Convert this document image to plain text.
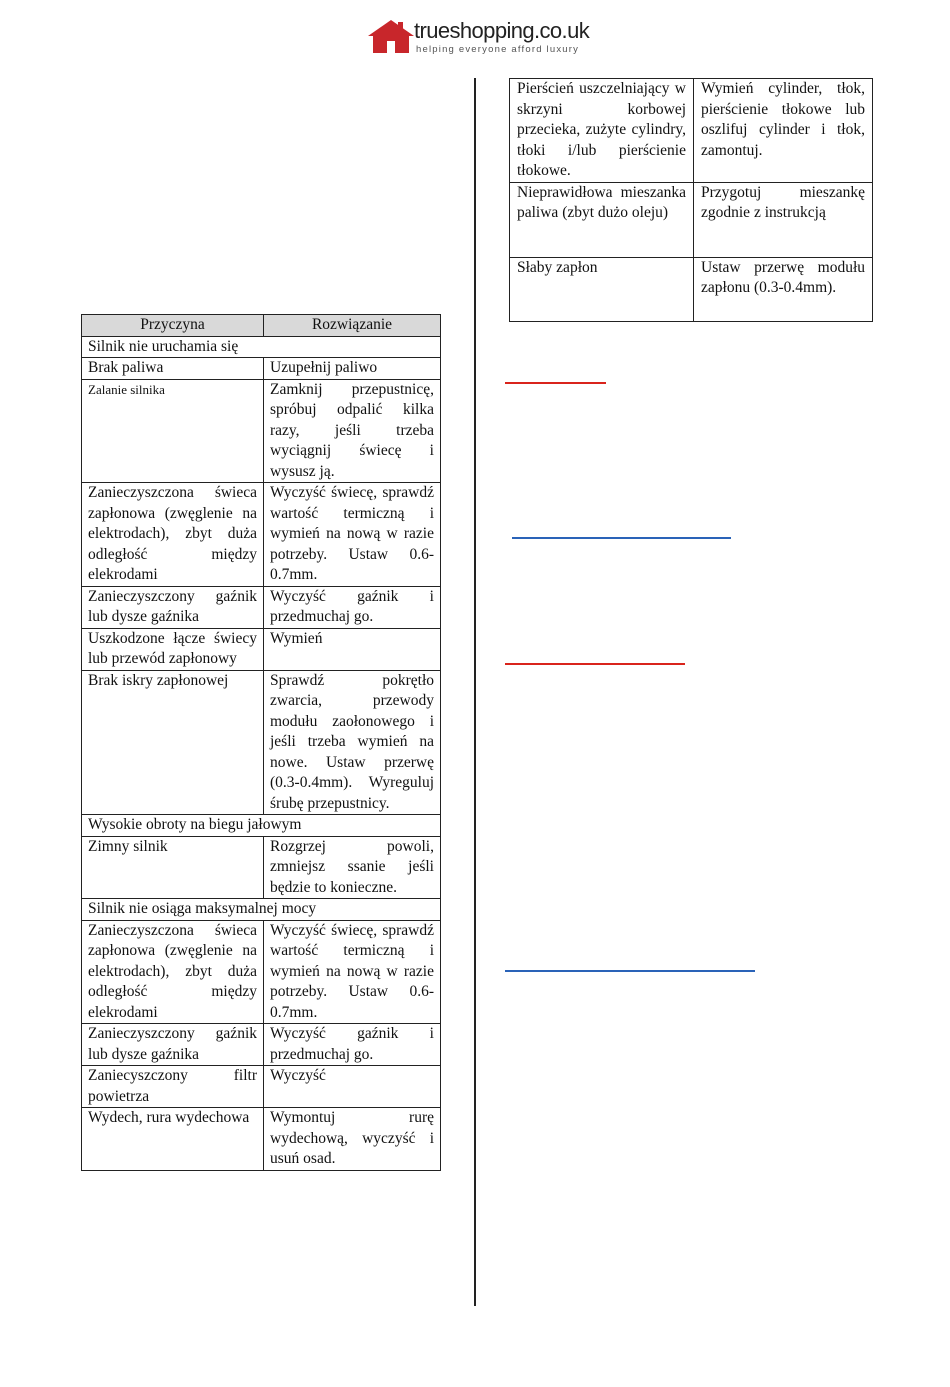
trueshopping.co.uk
helping everyone afford luxury
Przyczyna	Rozwiązanie
Silnik nie uruchamia się	
Brak paliwa	Uzupełnij paliwo
Zalanie silnika	Zamknij przepustnicę, spróbuj odpalić kilka razy, jeśli trzeba wyciągnij świecę i wysusz ją.
Zanieczyszczona świeca zapłonowa (zwęglenie na elektrodach), zbyt duża odległość między elekrodami	Wyczyść świecę, sprawdź wartość termiczną i wymień na nową w razie potrzeby. Ustaw 0.6-0.7mm.
Zanieczyszczony gaźnik lub dysze gaźnika	Wyczyść gaźnik i przedmuchaj go.
Uszkodzone łącze świecy lub przewód zapłonowy	Wymień
Brak iskry zapłonowej	Sprawdź pokrętło zwarcia, przewody modułu zaołonowego i jeśli trzeba wymień na nowe. Ustaw przerwę (0.3-0.4mm). Wyreguluj śrubę przepustnicy.
Wysokie obroty na biegu jałowym	
Zimny silnik	Rozgrzej powoli, zmniejsz ssanie jeśli będzie to konieczne.
Silnik nie osiąga maksymalnej mocy	
Zanieczyszczona świeca zapłonowa (zwęglenie na elektrodach), zbyt duża odległość między elekrodami	Wyczyść świecę, sprawdź wartość termiczną i wymień na nową w razie potrzeby. Ustaw 0.6-0.7mm.
Zanieczyszczony gaźnik lub dysze gaźnika	Wyczyść gaźnik i przedmuchaj go.
Zaniecyszczony filtr powietrza	Wyczyść
Wydech, rura wydechowa	Wymontuj rurę wydechową, wyczyść i usuń osad.
Pierścień uszczelniający w skrzyni korbowej przecieka, zużyte cylindry, tłoki i/lub pierścienie tłokowe.	Wymień cylinder, tłok, pierścienie tłokowe lub oszlifuj cylinder i tłok, zamontuj.
Nieprawidłowa mieszanka paliwa (zbyt dużo oleju)	Przygotuj mieszankę zgodnie z instrukcją
Słaby zapłon	Ustaw przerwę modułu zapłonu (0.3-0.4mm).
